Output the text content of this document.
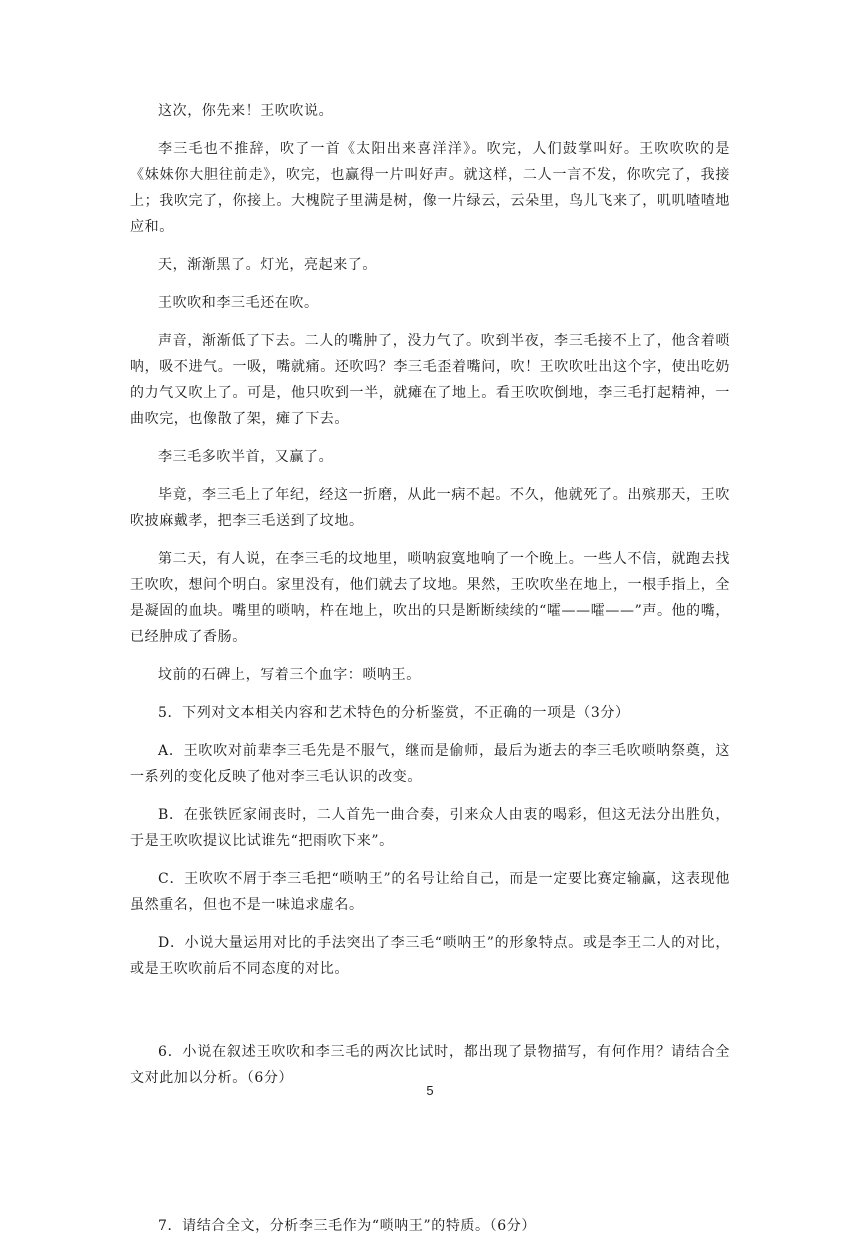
这次，你先来！王吹吹说。

李三毛也不推辞，吹了一首《太阳出来喜洋洋》。吹完，人们鼓掌叫好。王吹吹吹的是《妹妹你大胆往前走》，吹完，也赢得一片叫好声。就这样，二人一言不发，你吹完了，我接上；我吹完了，你接上。大槐院子里满是树，像一片绿云，云朵里，鸟儿飞来了，叽叽喳喳地应和。

天，渐渐黑了。灯光，亮起来了。

王吹吹和李三毛还在吹。

声音，渐渐低了下去。二人的嘴肿了，没力气了。吹到半夜，李三毛接不上了，他含着唢呐，吸不进气。一吸，嘴就痛。还吹吗？李三毛歪着嘴问，吹！王吹吹吐出这个字，使出吃奶的力气又吹上了。可是，他只吹到一半，就瘫在了地上。看王吹吹倒地，李三毛打起精神，一曲吹完，也像散了架，瘫了下去。

李三毛多吹半首，又赢了。

毕竟，李三毛上了年纪，经这一折磨，从此一病不起。不久，他就死了。出殡那天，王吹吹披麻戴孝，把李三毛送到了坟地。

第二天，有人说，在李三毛的坟地里，唢呐寂寞地响了一个晚上。一些人不信，就跑去找王吹吹，想问个明白。家里没有，他们就去了坟地。果然，王吹吹坐在地上，一根手指上，全是凝固的血块。嘴里的唢呐，杵在地上，吹出的只是断断续续的“嚯——嚯——”声。他的嘴，已经肿成了香肠。

坟前的石碑上，写着三个血字：唢呐王。

5．下列对文本相关内容和艺术特色的分析鉴赏，不正确的一项是（3分）

A．王吹吹对前辈李三毛先是不服气，继而是偷师，最后为逝去的李三毛吹唢呐祭奠，这一系列的变化反映了他对李三毛认识的改变。

B．在张铁匠家闹丧时，二人首先一曲合奏，引来众人由衷的喝彩，但这无法分出胜负，于是王吹吹提议比试谁先“把雨吹下来”。

C．王吹吹不屑于李三毛把“唢呐王”的名号让给自己，而是一定要比赛定输赢，这表现他虽然重名，但也不是一味追求虚名。

D．小说大量运用对比的手法突出了李三毛“唢呐王”的形象特点。或是李王二人的对比，或是王吹吹前后不同态度的对比。

6．小说在叙述王吹吹和李三毛的两次比试时，都出现了景物描写，有何作用？请结合全文对此加以分析。（6分）

7．请结合全文，分析李三毛作为“唢呐王”的特质。（6分）

5
